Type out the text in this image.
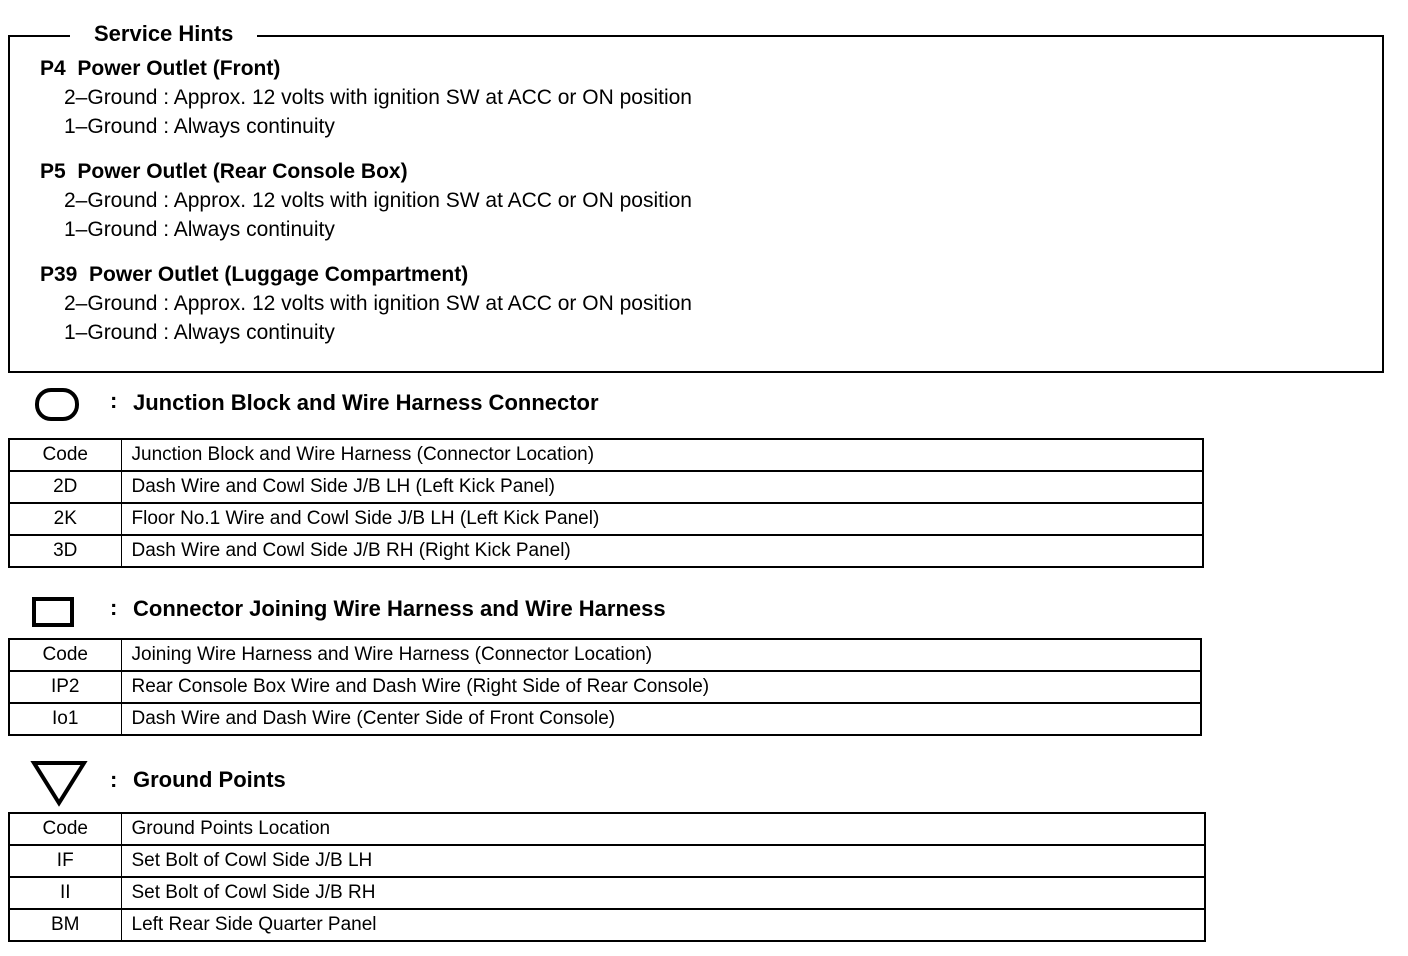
Service Hints
P4  Power Outlet (Front)
2–Ground : Approx. 12 volts with ignition SW at ACC or ON position
1–Ground : Always continuity
P5  Power Outlet (Rear Console Box)
2–Ground : Approx. 12 volts with ignition SW at ACC or ON position
1–Ground : Always continuity
P39  Power Outlet (Luggage Compartment)
2–Ground : Approx. 12 volts with ignition SW at ACC or ON position
1–Ground : Always continuity
: Junction Block and Wire Harness Connector
Code	Junction Block and Wire Harness (Connector Location)
2D	Dash Wire and Cowl Side J/B LH (Left Kick Panel)
2K	Floor No.1 Wire and Cowl Side J/B LH (Left Kick Panel)
3D	Dash Wire and Cowl Side J/B RH (Right Kick Panel)
: Connector Joining Wire Harness and Wire Harness
Code	Joining Wire Harness and Wire Harness (Connector Location)
IP2	Rear Console Box Wire and Dash Wire (Right Side of Rear Console)
Io1	Dash Wire and Dash Wire (Center Side of Front Console)
: Ground Points
Code	Ground Points Location
IF	Set Bolt of Cowl Side J/B LH
II	Set Bolt of Cowl Side J/B RH
BM	Left Rear Side Quarter Panel
